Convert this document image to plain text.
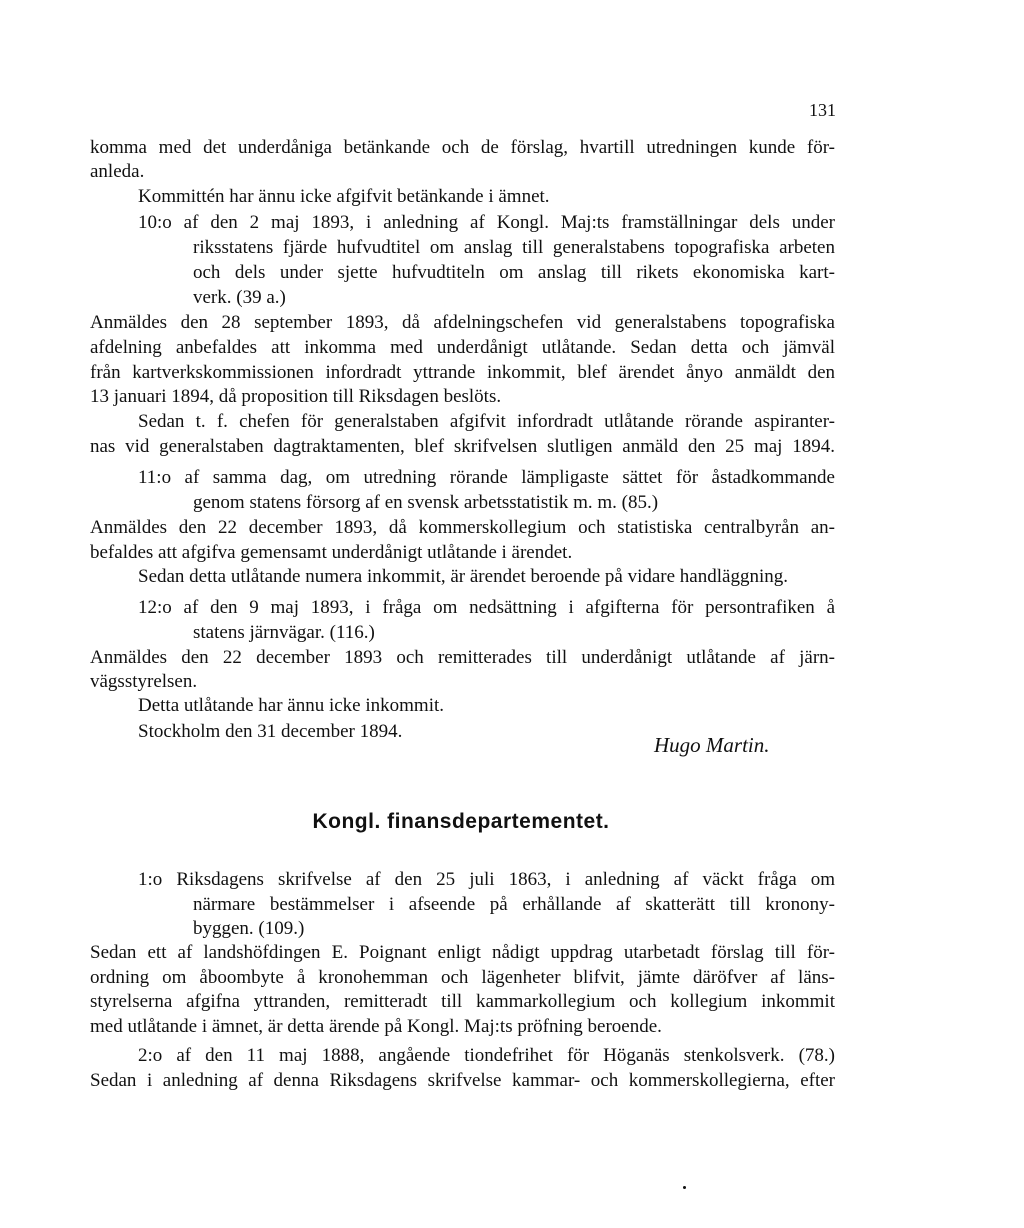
131
komma med det underdåniga betänkande och de förslag, hvartill utredningen kunde för-
anleda.
Kommittén har ännu icke afgifvit betänkande i ämnet.
10:o af den 2 maj 1893, i anledning af Kongl. Maj:ts framställningar dels under
riksstatens fjärde hufvudtitel om anslag till generalstabens topografiska arbeten
och dels under sjette hufvudtiteln om anslag till rikets ekonomiska kart-
verk. (39 a.)
Anmäldes den 28 september 1893, då afdelningschefen vid generalstabens topografiska
afdelning anbefaldes att inkomma med underdånigt utlåtande. Sedan detta och jämväl
från kartverkskommissionen infordradt yttrande inkommit, blef ärendet ånyo anmäldt den
13 januari 1894, då proposition till Riksdagen beslöts.
Sedan t. f. chefen för generalstaben afgifvit infordradt utlåtande rörande aspiranter-
nas vid generalstaben dagtraktamenten, blef skrifvelsen slutligen anmäld den 25 maj 1894.
11:o af samma dag, om utredning rörande lämpligaste sättet för åstadkommande
genom statens försorg af en svensk arbetsstatistik m. m. (85.)
Anmäldes den 22 december 1893, då kommerskollegium och statistiska centralbyrån an-
befaldes att afgifva gemensamt underdånigt utlåtande i ärendet.
Sedan detta utlåtande numera inkommit, är ärendet beroende på vidare handläggning.
12:o af den 9 maj 1893, i fråga om nedsättning i afgifterna för persontrafiken å
statens järnvägar. (116.)
Anmäldes den 22 december 1893 och remitterades till underdånigt utlåtande af järn-
vägsstyrelsen.
Detta utlåtande har ännu icke inkommit.
Stockholm den 31 december 1894.
Hugo Martin.
Kongl. finansdepartementet.
1:o Riksdagens skrifvelse af den 25 juli 1863, i anledning af väckt fråga om
närmare bestämmelser i afseende på erhållande af skatterätt till kronony-
byggen. (109.)
Sedan ett af landshöfdingen E. Poignant enligt nådigt uppdrag utarbetadt förslag till för-
ordning om åboombyte å kronohemman och lägenheter blifvit, jämte däröfver af läns-
styrelserna afgifna yttranden, remitteradt till kammarkollegium och kollegium inkommit
med utlåtande i ämnet, är detta ärende på Kongl. Maj:ts pröfning beroende.
2:o af den 11 maj 1888, angående tiondefrihet för Höganäs stenkolsverk. (78.)
Sedan i anledning af denna Riksdagens skrifvelse kammar- och kommerskollegierna, efter
